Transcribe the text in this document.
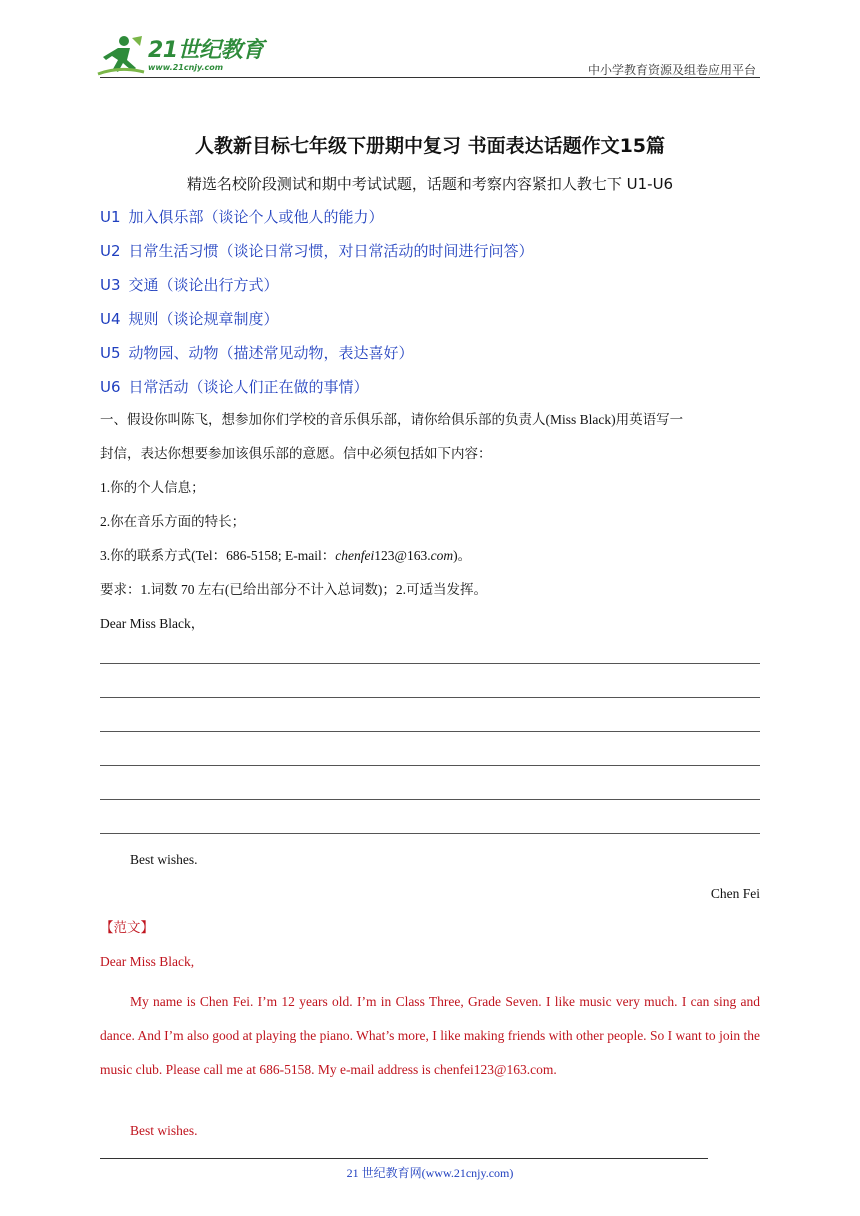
21世纪教育
www.21cnjy.com	中小学教育资源及组卷应用平台
人教新目标七年级下册期中复习 书面表达话题作文15篇
精选名校阶段测试和期中考试试题，话题和考察内容紧扣人教七下 U1-U6
U1 加入俱乐部（谈论个人或他人的能力）
U2 日常生活习惯（谈论日常习惯，对日常活动的时间进行问答）
U3 交通（谈论出行方式）
U4 规则（谈论规章制度）
U5 动物园、动物（描述常见动物，表达喜好）
U6 日常活动（谈论人们正在做的事情）
一、假设你叫陈飞，想参加你们学校的音乐俱乐部，请你给俱乐部的负责人(Miss Black)用英语写一
封信，表达你想要参加该俱乐部的意愿。信中必须包括如下内容：
1.你的个人信息；
2.你在音乐方面的特长；
3.你的联系方式(Tel：686-5158; E-mail：chenfei123@163.com)。
要求：1.词数 70 左右(已给出部分不计入总词数)；2.可适当发挥。
Dear Miss Black，
Best wishes.
Chen Fei
【范文】
Dear Miss Black,
My name is Chen Fei. I’m 12 years old. I’m in Class Three, Grade Seven. I like music very much. I can sing and dance. And I’m also good at playing the piano. What’s more, I like making friends with other people. So I want to join the music club. Please call me at 686-5158. My e-mail address is chenfei123@163.com.
Best wishes.
21 世纪教育网(www.21cnjy.com)
